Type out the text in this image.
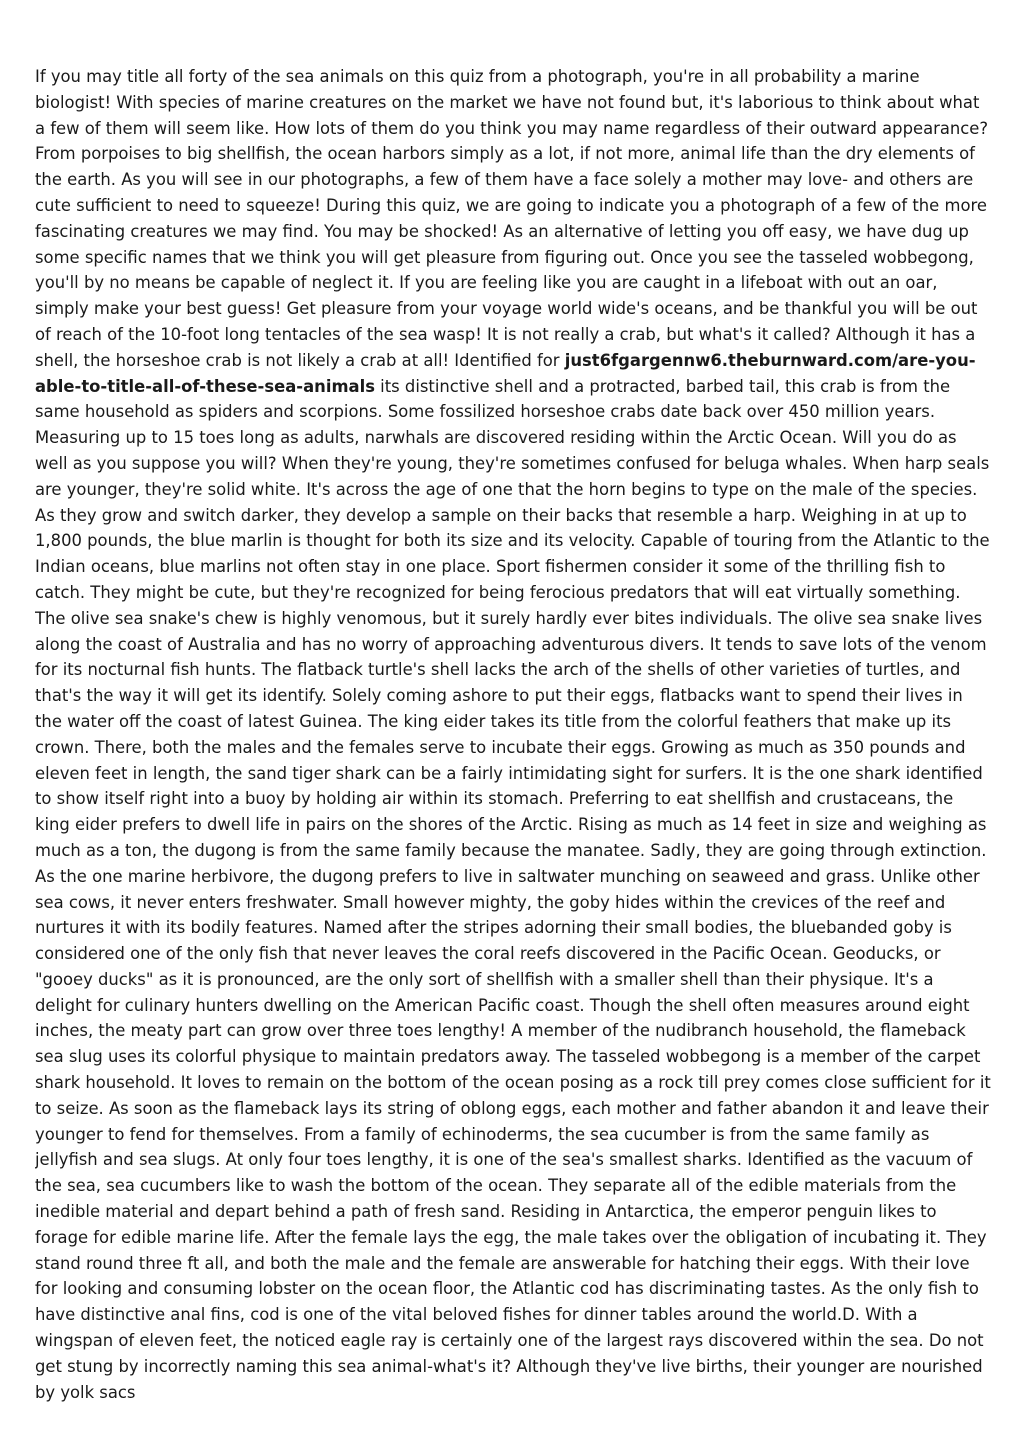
If you may title all forty of the sea animals on this quiz from a photograph, you're in all probability a marine biologist! With species of marine creatures on the market we have not found but, it's laborious to think about what a few of them will seem like. How lots of them do you think you may name regardless of their outward appearance? From porpoises to big shellfish, the ocean harbors simply as a lot, if not more, animal life than the dry elements of the earth. As you will see in our photographs, a few of them have a face solely a mother may love- and others are cute sufficient to need to squeeze! During this quiz, we are going to indicate you a photograph of a few of the more fascinating creatures we may find. You may be shocked! As an alternative of letting you off easy, we have dug up some specific names that we think you will get pleasure from figuring out. Once you see the tasseled wobbegong, you'll by no means be capable of neglect it. If you are feeling like you are caught in a lifeboat with out an oar, simply make your best guess! Get pleasure from your voyage world wide's oceans, and be thankful you will be out of reach of the 10-foot long tentacles of the sea wasp! It is not really a crab, but what's it called? Although it has a shell, the horseshoe crab is not likely a crab at all! Identified for just6fgargennw6.theburnward.com/are-you-able-to-title-all-of-these-sea-animals its distinctive shell and a protracted, barbed tail, this crab is from the same household as spiders and scorpions. Some fossilized horseshoe crabs date back over 450 million years. Measuring up to 15 toes long as adults, narwhals are discovered residing within the Arctic Ocean. Will you do as well as you suppose you will? When they're young, they're sometimes confused for beluga whales. When harp seals are younger, they're solid white. It's across the age of one that the horn begins to type on the male of the species. As they grow and switch darker, they develop a sample on their backs that resemble a harp. Weighing in at up to 1,800 pounds, the blue marlin is thought for both its size and its velocity. Capable of touring from the Atlantic to the Indian oceans, blue marlins not often stay in one place. Sport fishermen consider it some of the thrilling fish to catch. They might be cute, but they're recognized for being ferocious predators that will eat virtually something. The olive sea snake's chew is highly venomous, but it surely hardly ever bites individuals. The olive sea snake lives along the coast of Australia and has no worry of approaching adventurous divers. It tends to save lots of the venom for its nocturnal fish hunts. The flatback turtle's shell lacks the arch of the shells of other varieties of turtles, and that's the way it will get its identify. Solely coming ashore to put their eggs, flatbacks want to spend their lives in the water off the coast of latest Guinea. The king eider takes its title from the colorful feathers that make up its crown. There, both the males and the females serve to incubate their eggs. Growing as much as 350 pounds and eleven feet in length, the sand tiger shark can be a fairly intimidating sight for surfers. It is the one shark identified to show itself right into a buoy by holding air within its stomach. Preferring to eat shellfish and crustaceans, the king eider prefers to dwell life in pairs on the shores of the Arctic. Rising as much as 14 feet in size and weighing as much as a ton, the dugong is from the same family because the manatee. Sadly, they are going through extinction. As the one marine herbivore, the dugong prefers to live in saltwater munching on seaweed and grass. Unlike other sea cows, it never enters freshwater. Small however mighty, the goby hides within the crevices of the reef and nurtures it with its bodily features. Named after the stripes adorning their small bodies, the bluebanded goby is considered one of the only fish that never leaves the coral reefs discovered in the Pacific Ocean. Geoducks, or "gooey ducks" as it is pronounced, are the only sort of shellfish with a smaller shell than their physique. It's a delight for culinary hunters dwelling on the American Pacific coast. Though the shell often measures around eight inches, the meaty part can grow over three toes lengthy! A member of the nudibranch household, the flameback sea slug uses its colorful physique to maintain predators away. The tasseled wobbegong is a member of the carpet shark household. It loves to remain on the bottom of the ocean posing as a rock till prey comes close sufficient for it to seize. As soon as the flameback lays its string of oblong eggs, each mother and father abandon it and leave their younger to fend for themselves. From a family of echinoderms, the sea cucumber is from the same family as jellyfish and sea slugs. At only four toes lengthy, it is one of the sea's smallest sharks. Identified as the vacuum of the sea, sea cucumbers like to wash the bottom of the ocean. They separate all of the edible materials from the inedible material and depart behind a path of fresh sand. Residing in Antarctica, the emperor penguin likes to forage for edible marine life. After the female lays the egg, the male takes over the obligation of incubating it. They stand round three ft all, and both the male and the female are answerable for hatching their eggs. With their love for looking and consuming lobster on the ocean floor, the Atlantic cod has discriminating tastes. As the only fish to have distinctive anal fins, cod is one of the vital beloved fishes for dinner tables around the world.D. With a wingspan of eleven feet, the noticed eagle ray is certainly one of the largest rays discovered within the sea. Do not get stung by incorrectly naming this sea animal-what's it? Although they've live births, their younger are nourished by yolk sacs
